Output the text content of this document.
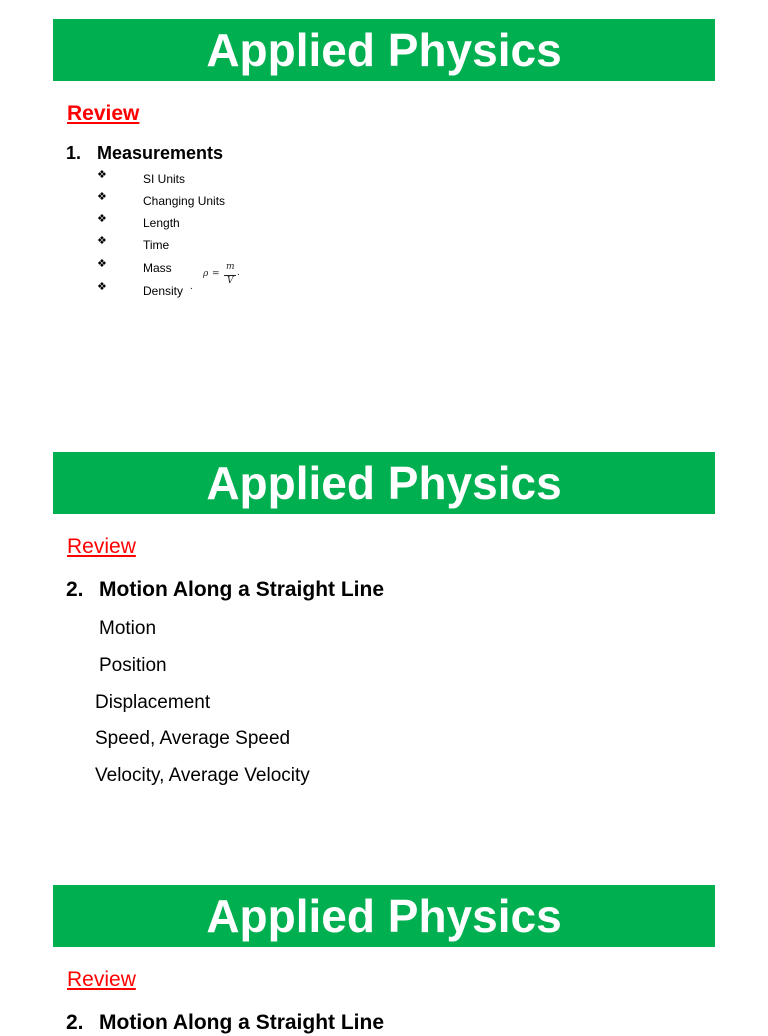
Applied Physics
Review
1. Measurements
❖	SI Units
❖	Changing Units
❖	Length
❖	Time
❖	Mass
❖	Density .
ρ =
m
V
.
Applied Physics
Review
2. Motion Along a Straight Line
Motion
Position
Displacement
Speed, Average Speed
Velocity, Average Velocity
Applied Physics
Review
2. Motion Along a Straight Line
